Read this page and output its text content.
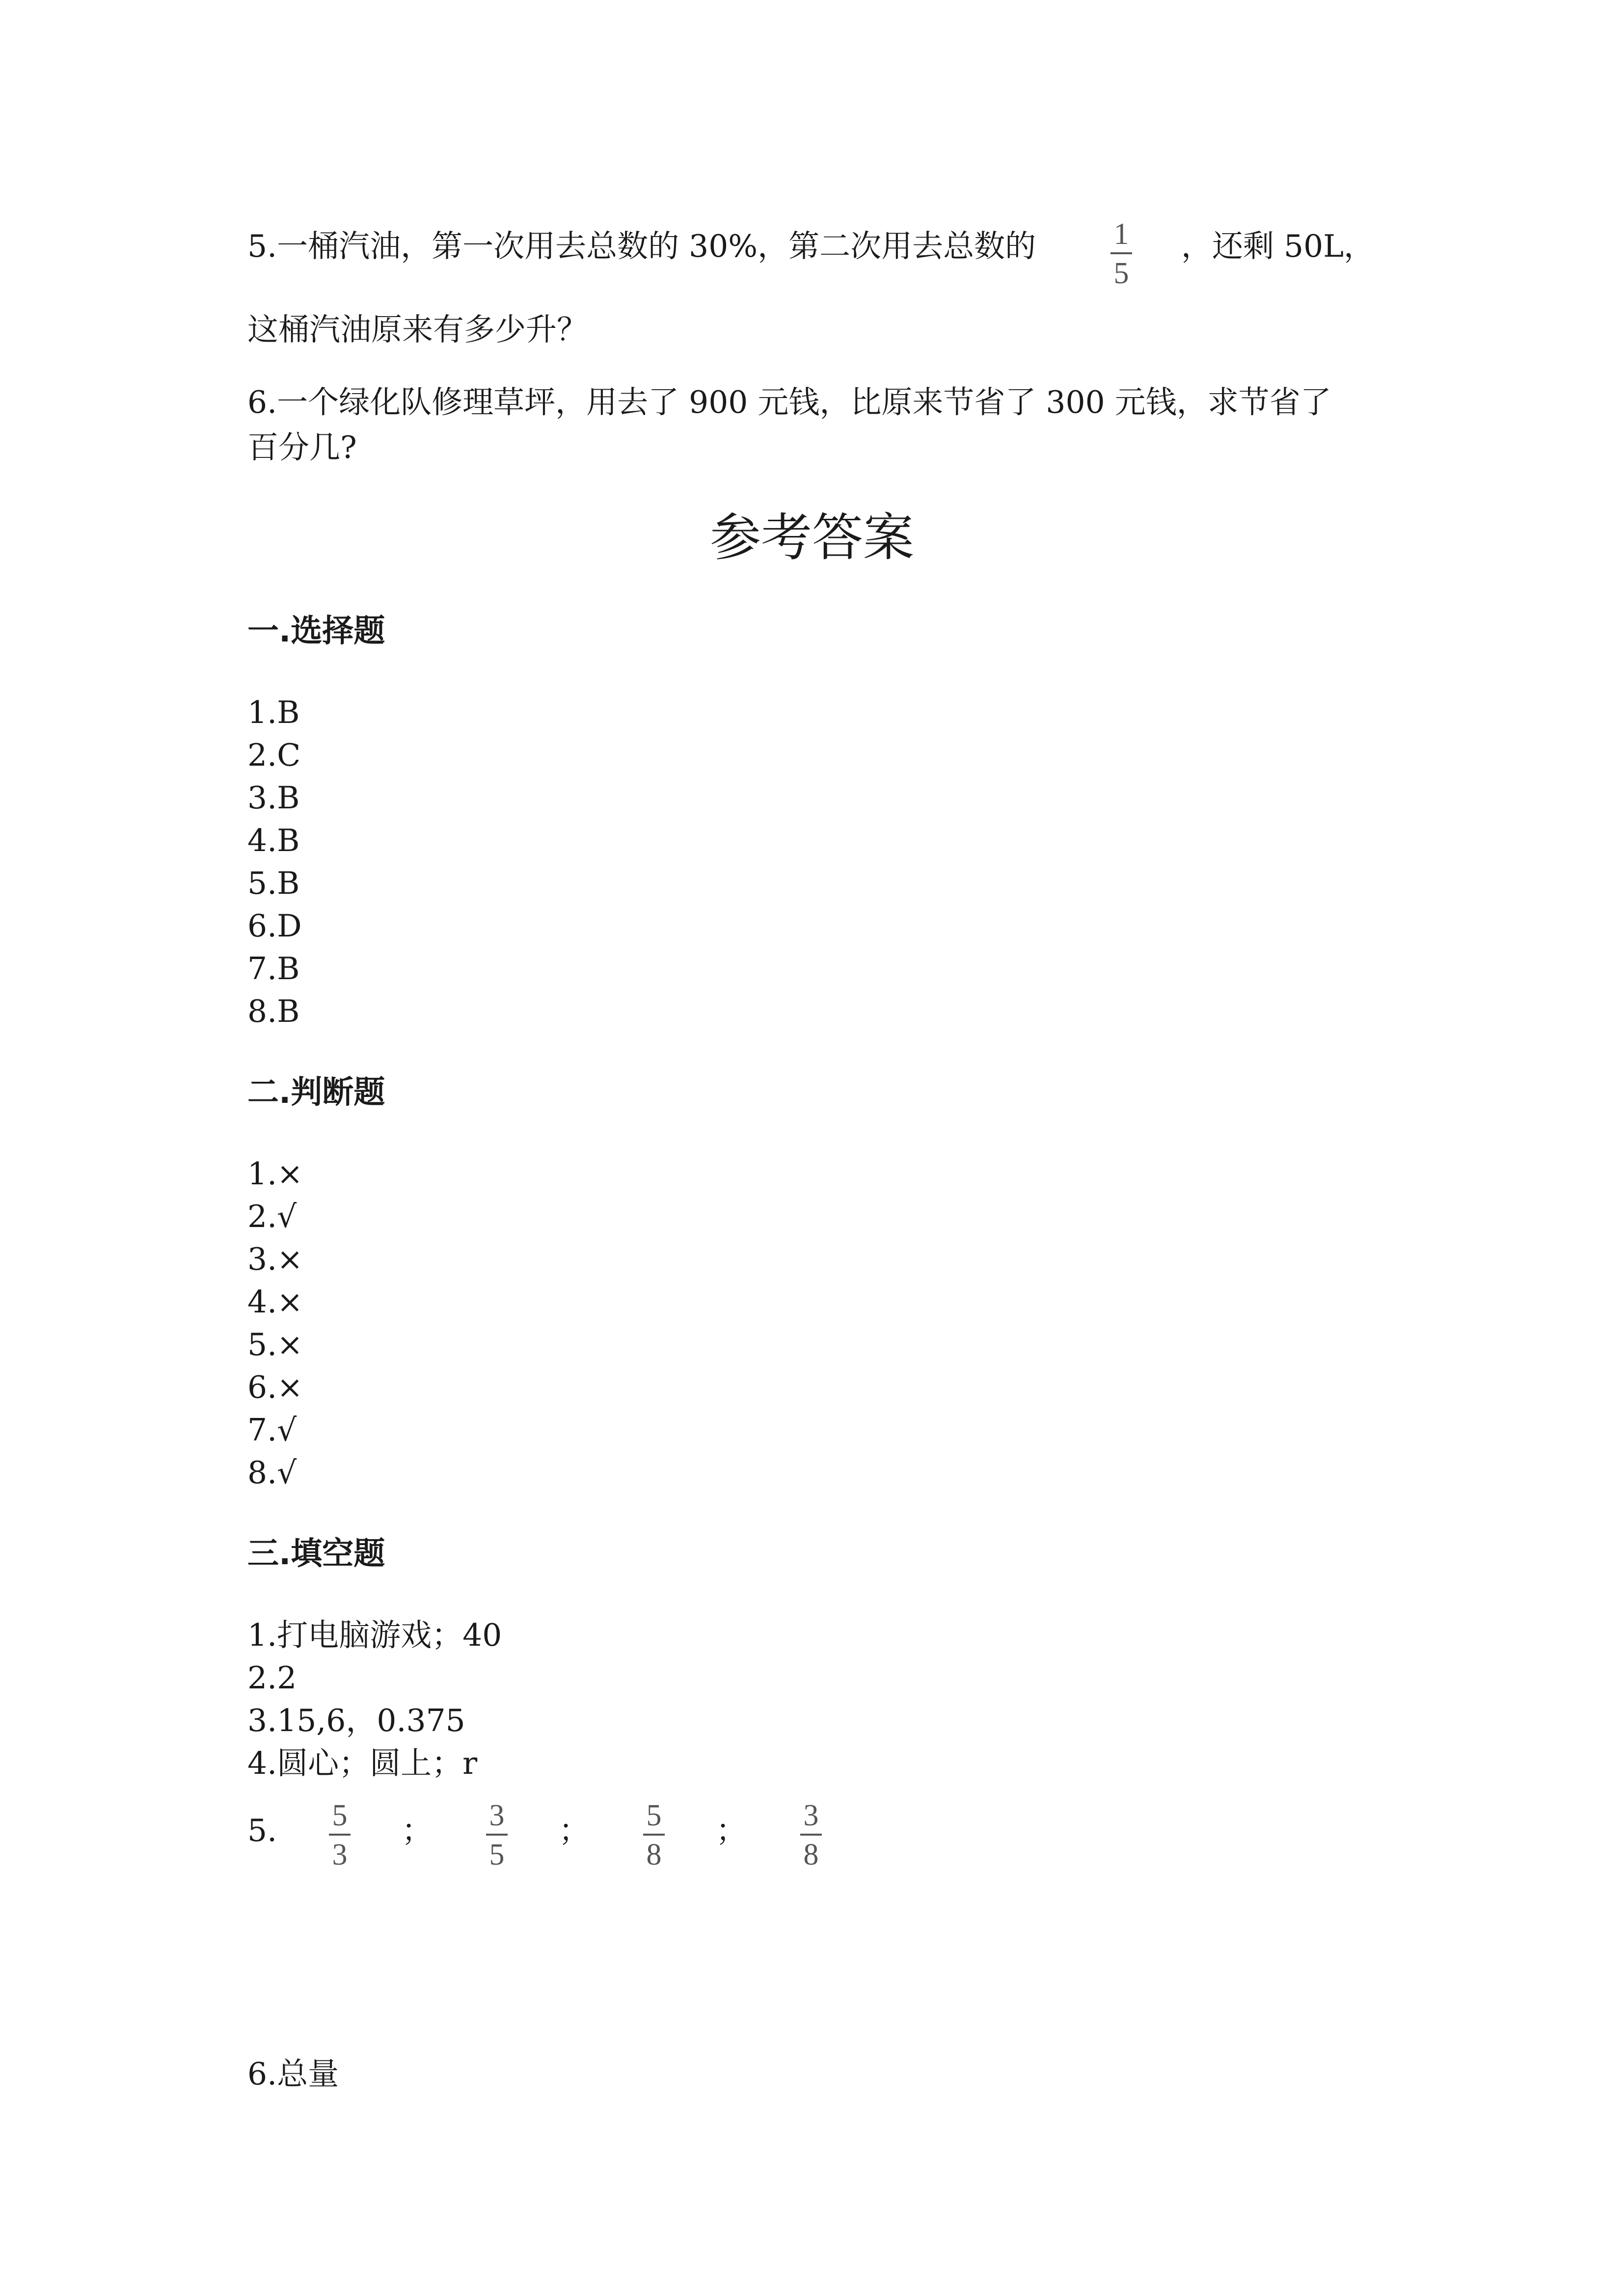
5.一桶汽油，第一次用去总数的 30%，第二次用去总数的	1
5
，还剩 50L，
这桶汽油原来有多少升？
6.一个绿化队修理草坪，用去了 900 元钱，比原来节省了 300 元钱，求节省了
百分几?
参考答案
一.选择题
1.B
2.C
3.B
4.B
5.B
6.D
7.B
8.B
二.判断题
1.×
2.√
3.×
4.×
5.×
6.×
7.√
8.√
三.填空题
1.打电脑游戏；40
2.2
3.15,6，0.375
4.圆心；圆上；r
5. 5
3
； 3
5
； 5
8
； 3
8
6.总量
